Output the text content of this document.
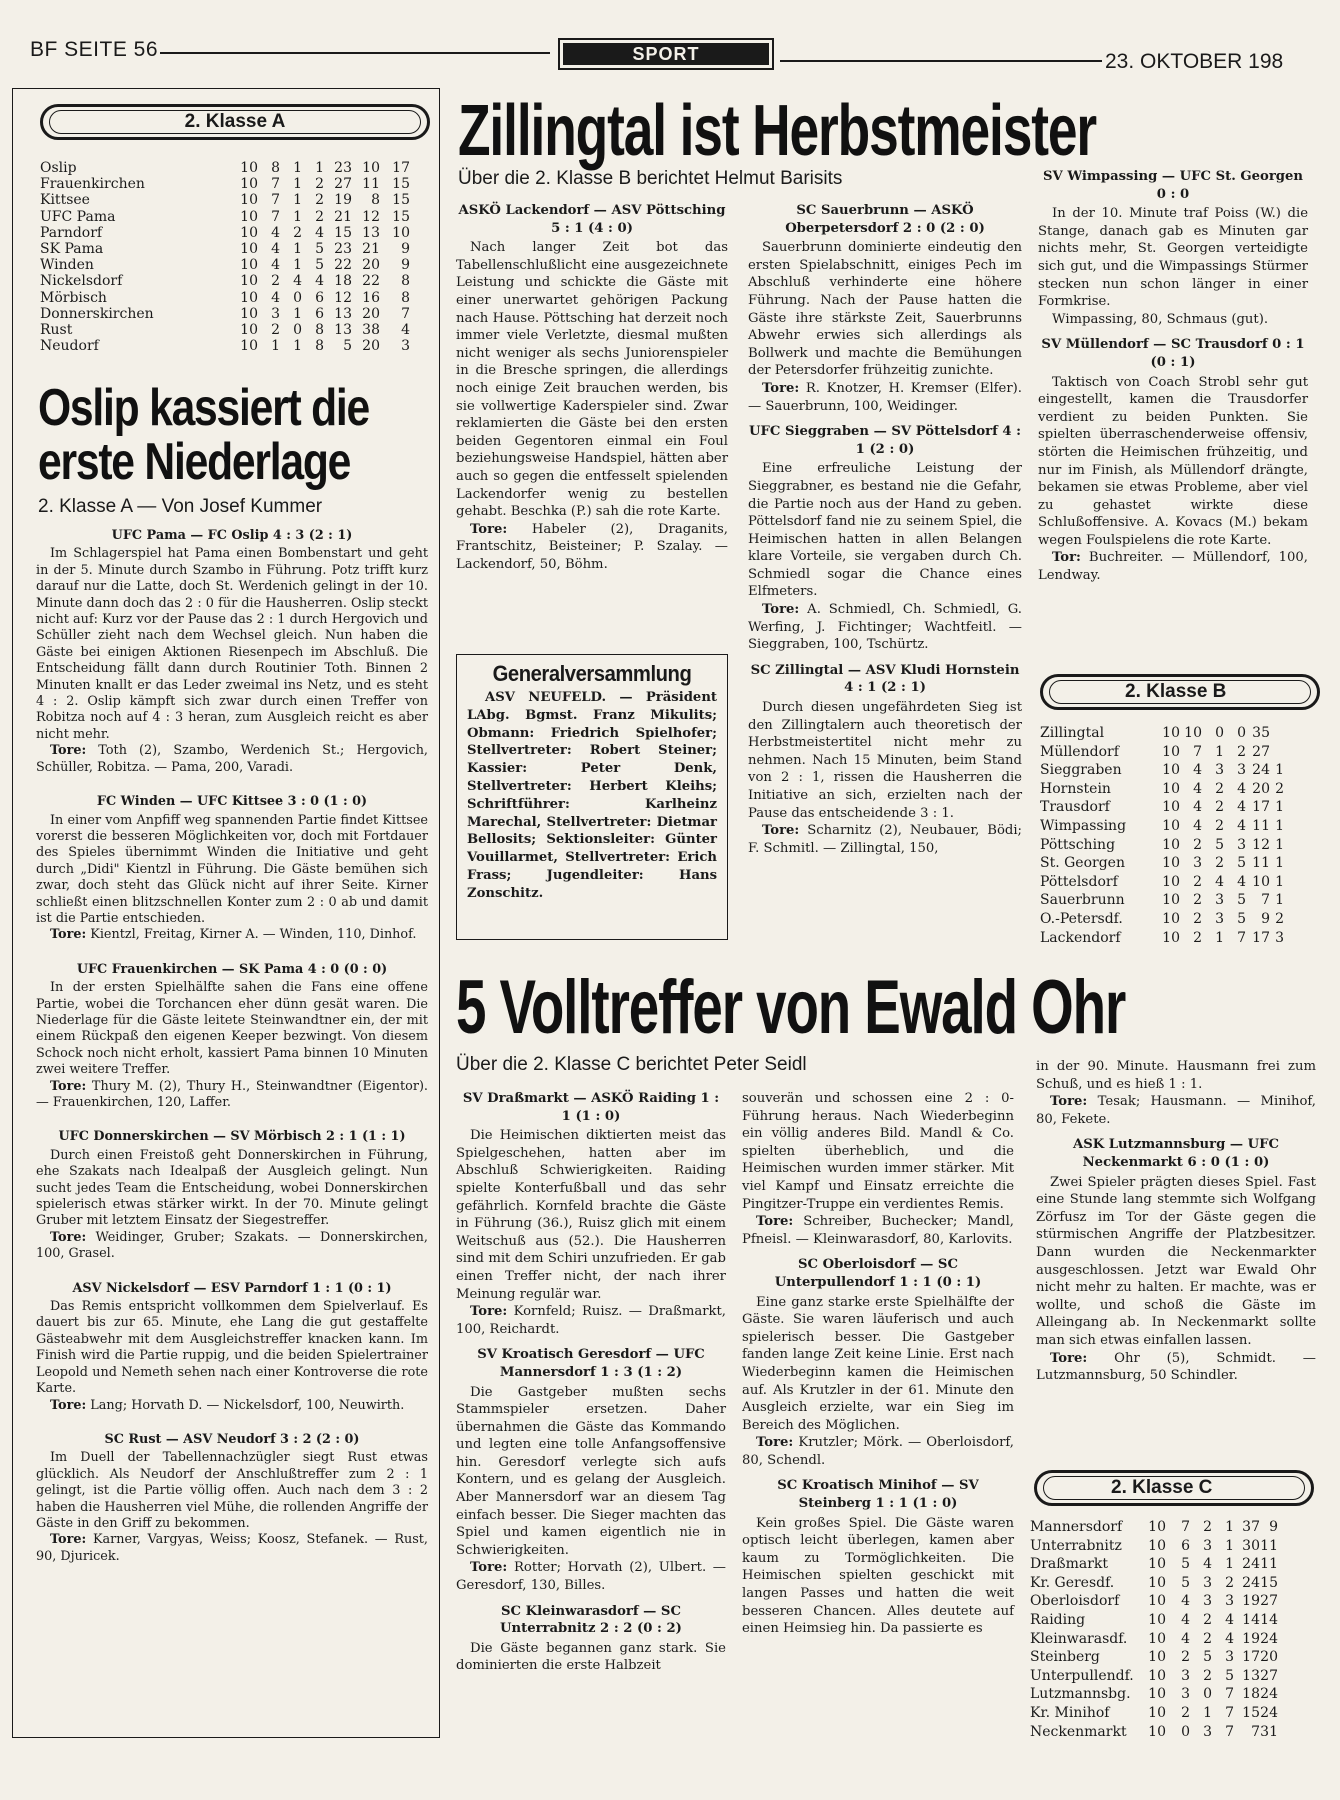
BF SEITE 56	SPORT	23. OKTOBER 198
2. Klasse A
Oslip	10 8 1 1 23 10 17
Frauenkirchen	10 7 1 2 27 11 15
Kittsee	10 7 1 2 19	8 15
UFC Pama	10 7 1 2 21 12 15
Parndorf	10 4 2 4 15 13 10
SK Pama	10 4 1 5 23 21	9
Winden	10 4 1 5 22 20	9
Nickelsdorf	10 2 4 4 18 22	8
Mörbisch	10 4 0 6 12 16	8
Donnerskirchen	10 3 1 6 13 20	7
Rust	10 2 0 8 13 38	4
Neudorf	10 1 1 8	5 20	3
Oslip kassiert die
erste Niederlage
2. Klasse A — Von Josef Kummer
UFC Pama — FC Oslip 4 : 3 (2 : 1)

Im Schlagerspiel hat Pama einen Bombenstart und geht in der 5. Minute durch Szambo in Führung. Potz trifft kurz darauf nur die Latte, doch St. Werdenich gelingt in der 10. Minute dann doch das 2 : 0 für die Hausherren. Oslip steckt nicht auf: Kurz vor der Pause das 2 : 1 durch Hergovich und Schüller zieht nach dem Wechsel gleich. Nun haben die Gäste bei einigen Aktionen Riesenpech im Abschluß. Die Entscheidung fällt dann durch Routinier Toth. Binnen 2 Minuten knallt er das Leder zweimal ins Netz, und es steht 4 : 2. Oslip kämpft sich zwar durch einen Treffer von Robitza noch auf 4 : 3 heran, zum Ausgleich reicht es aber nicht mehr.

Tore: Toth (2), Szambo, Werdenich St.; Hergovich, Schüller, Robitza. — Pama, 200, Varadi.

FC Winden — UFC Kittsee 3 : 0 (1 : 0)

In einer vom Anpfiff weg spannenden Partie findet Kittsee vorerst die besseren Möglichkeiten vor, doch mit Fortdauer des Spieles übernimmt Winden die Initiative und geht durch „Didi" Kientzl in Führung. Die Gäste bemühen sich zwar, doch steht das Glück nicht auf ihrer Seite. Kirner schließt einen blitzschnellen Konter zum 2 : 0 ab und damit ist die Partie entschieden.

Tore: Kientzl, Freitag, Kirner A. — Winden, 110, Dinhof.

UFC Frauenkirchen — SK Pama 4 : 0 (0 : 0)

In der ersten Spielhälfte sahen die Fans eine offene Partie, wobei die Torchancen eher dünn gesät waren. Die Niederlage für die Gäste leitete Steinwandtner ein, der mit einem Rückpaß den eigenen Keeper bezwingt. Von diesem Schock noch nicht erholt, kassiert Pama binnen 10 Minuten zwei weitere Treffer.

Tore: Thury M. (2), Thury H., Steinwandtner (Eigentor). — Frauenkirchen, 120, Laffer.

UFC Donnerskirchen — SV Mörbisch 2 : 1 (1 : 1)

Durch einen Freistoß geht Donnerskirchen in Führung, ehe Szakats nach Idealpaß der Ausgleich gelingt. Nun sucht jedes Team die Entscheidung, wobei Donnerskirchen spielerisch etwas stärker wirkt. In der 70. Minute gelingt Gruber mit letztem Einsatz der Siegestreffer.

Tore: Weidinger, Gruber; Szakats. — Donnerskirchen, 100, Grasel.

ASV Nickelsdorf — ESV Parndorf 1 : 1 (0 : 1)

Das Remis entspricht vollkommen dem Spielverlauf. Es dauert bis zur 65. Minute, ehe Lang die gut gestaffelte Gästeabwehr mit dem Ausgleichstreffer knacken kann. Im Finish wird die Partie ruppig, und die beiden Spielertrainer Leopold und Nemeth sehen nach einer Kontroverse die rote Karte.

Tore: Lang; Horvath D. — Nickelsdorf, 100, Neuwirth.

SC Rust — ASV Neudorf 3 : 2 (2 : 0)

Im Duell der Tabellennachzügler siegt Rust etwas glücklich. Als Neudorf der Anschlußtreffer zum 2 : 1 gelingt, ist die Partie völlig offen. Auch nach dem 3 : 2 haben die Hausherren viel Mühe, die rollenden Angriffe der Gäste in den Griff zu bekommen.

Tore: Karner, Vargyas, Weiss; Koosz, Stefanek. — Rust, 90, Djuricek.

Zillingtal ist Herbstmeister
Über die 2. Klasse B berichtet Helmut Barisits
ASKÖ Lackendorf — ASV Pöttsching 5 : 1 (4 : 0)

Nach langer Zeit bot das Tabellenschlußlicht eine ausgezeichnete Leistung und schickte die Gäste mit einer unerwartet gehörigen Packung nach Hause. Pöttsching hat derzeit noch immer viele Verletzte, diesmal mußten nicht weniger als sechs Juniorenspieler in die Bresche springen, die allerdings noch einige Zeit brauchen werden, bis sie vollwertige Kaderspieler sind. Zwar reklamierten die Gäste bei den ersten beiden Gegentoren einmal ein Foul beziehungsweise Handspiel, hätten aber auch so gegen die entfesselt spielenden Lackendorfer wenig zu bestellen gehabt. Beschka (P.) sah die rote Karte.

Tore: Habeler (2), Draganits, Frantschitz, Beisteiner; P. Szalay. — Lackendorf, 50, Böhm.

Generalversammlung
ASV NEUFELD. — Präsident LAbg. Bgmst. Franz Mikulits; Obmann: Friedrich Spielhofer; Stellvertreter: Robert Steiner; Kassier: Peter Denk, Stellvertreter: Herbert Kleihs; Schriftführer: Karlheinz Marechal, Stellvertreter: Dietmar Bellosits; Sektionsleiter: Günter Vouillarmet, Stellvertreter: Erich Frass; Jugendleiter: Hans Zonschitz.
SC Sauerbrunn — ASKÖ Oberpetersdorf 2 : 0 (2 : 0)

Sauerbrunn dominierte eindeutig den ersten Spielabschnitt, einiges Pech im Abschluß verhinderte eine höhere Führung. Nach der Pause hatten die Gäste ihre stärkste Zeit, Sauerbrunns Abwehr erwies sich allerdings als Bollwerk und machte die Bemühungen der Petersdorfer frühzeitig zunichte.

Tore: R. Knotzer, H. Kremser (Elfer). — Sauerbrunn, 100, Weidinger.

UFC Sieggraben — SV Pöttelsdorf 4 : 1 (2 : 0)

Eine erfreuliche Leistung der Sieggrabner, es bestand nie die Gefahr, die Partie noch aus der Hand zu geben. Pöttelsdorf fand nie zu seinem Spiel, die Heimischen hatten in allen Belangen klare Vorteile, sie vergaben durch Ch. Schmiedl sogar die Chance eines Elfmeters.

Tore: A. Schmiedl, Ch. Schmiedl, G. Werfing, J. Fichtinger; Wachtfeitl. — Sieggraben, 100, Tschürtz.

SC Zillingtal — ASV Kludi Hornstein 4 : 1 (2 : 1)

Durch diesen ungefährdeten Sieg ist den Zillingtalern auch theoretisch der Herbstmeistertitel nicht mehr zu nehmen. Nach 15 Minuten, beim Stand von 2 : 1, rissen die Hausherren die Initiative an sich, erzielten nach der Pause das entscheidende 3 : 1.

Tore: Scharnitz (2), Neubauer, Bödi; F. Schmitl. — Zillingtal, 150,

SV Wimpassing — UFC St. Georgen 0 : 0

In der 10. Minute traf Poiss (W.) die Stange, danach gab es Minuten gar nichts mehr, St. Georgen verteidigte sich gut, und die Wimpassings Stürmer stecken nun schon länger in einer Formkrise.

Wimpassing, 80, Schmaus (gut).

SV Müllendorf — SC Trausdorf 0 : 1 (0 : 1)

Taktisch von Coach Strobl sehr gut eingestellt, kamen die Trausdorfer verdient zu beiden Punkten. Sie spielten überraschenderweise offensiv, störten die Heimischen frühzeitig, und nur im Finish, als Müllendorf drängte, bekamen sie etwas Probleme, aber viel zu gehastet wirkte diese Schlußoffensive. A. Kovacs (M.) bekam wegen Foulspielens die rote Karte.

Tor: Buchreiter. — Müllendorf, 100, Lendway.

2. Klasse B
Zillingtal	10 10 0 0 35
Müllendorf	10 7 1 2 27
Sieggraben	10 4 3 3 24 1
Hornstein	10 4 2 4 20 2
Trausdorf	10 4 2 4 17 1
Wimpassing	10 4 2 4 11 1
Pöttsching	10 2 5 3 12 1
St. Georgen	10 3 2 5 11 1
Pöttelsdorf	10 2 4 4 10 1
Sauerbrunn	10 2 3 5	7 1
O.-Petersdf.	10 2 3 5	9 2
Lackendorf	10 2 1 7 17 3
5 Volltreffer von Ewald Ohr
Über die 2. Klasse C berichtet Peter Seidl
SV Draßmarkt — ASKÖ Raiding 1 : 1 (1 : 0)

Die Heimischen diktierten meist das Spielgeschehen, hatten aber im Abschluß Schwierigkeiten. Raiding spielte Konterfußball und das sehr gefährlich. Kornfeld brachte die Gäste in Führung (36.), Ruisz glich mit einem Weitschuß aus (52.). Die Hausherren sind mit dem Schiri unzufrieden. Er gab einen Treffer nicht, der nach ihrer Meinung regulär war.

Tore: Kornfeld; Ruisz. — Draßmarkt, 100, Reichardt.

SV Kroatisch Geresdorf — UFC Mannersdorf 1 : 3 (1 : 2)

Die Gastgeber mußten sechs Stammspieler ersetzen. Daher übernahmen die Gäste das Kommando und legten eine tolle Anfangsoffensive hin. Geresdorf verlegte sich aufs Kontern, und es gelang der Ausgleich. Aber Mannersdorf war an diesem Tag einfach besser. Die Sieger machten das Spiel und kamen eigentlich nie in Schwierigkeiten.

Tore: Rotter; Horvath (2), Ulbert. — Geresdorf, 130, Billes.

SC Kleinwarasdorf — SC Unterrabnitz 2 : 2 (0 : 2)

Die Gäste begannen ganz stark. Sie dominierten die erste Halbzeit

souverän und schossen eine 2 : 0-Führung heraus. Nach Wiederbeginn ein völlig anderes Bild. Mandl & Co. spielten überheblich, und die Heimischen wurden immer stärker. Mit viel Kampf und Einsatz erreichte die Pingitzer-Truppe ein verdientes Remis.

Tore: Schreiber, Buchecker; Mandl, Pfneisl. — Kleinwarasdorf, 80, Karlovits.

SC Oberloisdorf — SC Unterpullendorf 1 : 1 (0 : 1)

Eine ganz starke erste Spielhälfte der Gäste. Sie waren läuferisch und auch spielerisch besser. Die Gastgeber fanden lange Zeit keine Linie. Erst nach Wiederbeginn kamen die Heimischen auf. Als Krutzler in der 61. Minute den Ausgleich erzielte, war ein Sieg im Bereich des Möglichen.

Tore: Krutzler; Mörk. — Oberloisdorf, 80, Schendl.

SC Kroatisch Minihof — SV Steinberg 1 : 1 (1 : 0)

Kein großes Spiel. Die Gäste waren optisch leicht überlegen, kamen aber kaum zu Tormöglichkeiten. Die Heimischen spielten geschickt mit langen Passes und hatten die weit besseren Chancen. Alles deutete auf einen Heimsieg hin. Da passierte es

in der 90. Minute. Hausmann frei zum Schuß, und es hieß 1 : 1.

Tore: Tesak; Hausmann. — Minihof, 80, Fekete.

ASK Lutzmannsburg — UFC Neckenmarkt 6 : 0 (1 : 0)

Zwei Spieler prägten dieses Spiel. Fast eine Stunde lang stemmte sich Wolfgang Zörfusz im Tor der Gäste gegen die stürmischen Angriffe der Platzbesitzer. Dann wurden die Neckenmarkter ausgeschlossen. Jetzt war Ewald Ohr nicht mehr zu halten. Er machte, was er wollte, und schoß die Gäste im Alleingang ab. In Neckenmarkt sollte man sich etwas einfallen lassen.

Tore: Ohr (5), Schmidt. — Lutzmannsburg, 50 Schindler.

2. Klasse C
Mannersdorf	10	7 2 1 37 9
Unterrabnitz	10	6 3 1 30 11
Draßmarkt	10	5 4 1 24 11
Kr. Geresdf.	10	5 3 2 24 15
Oberloisdorf	10	4 3 3 19 27
Raiding	10	4 2 4 14 14
Kleinwarasdf.	10	4 2 4 19 24
Steinberg	10	2 5 3 17 20
Unterpullendf.	10	3 2 5 13 27
Lutzmannsbg.	10	3 0 7 18 24
Kr. Minihof	10	2 1 7 15 24
Neckenmarkt	10	0 3 7	7 31
